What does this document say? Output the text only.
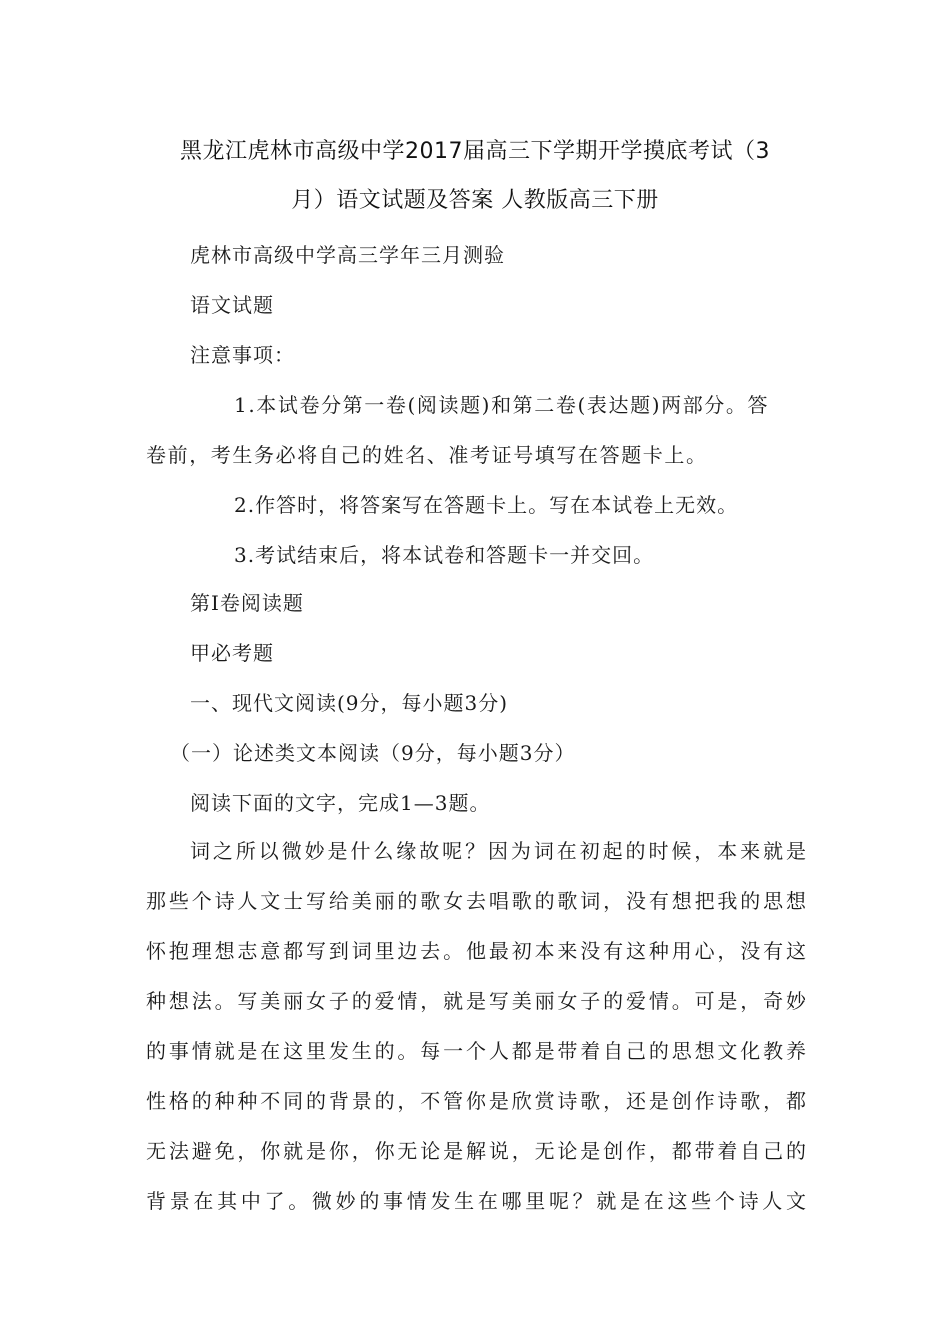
黑龙江虎林市高级中学2017届高三下学期开学摸底考试（3
月）语文试题及答案 人教版高三下册
虎林市高级中学高三学年三月测验
语文试题
注意事项：
1.本试卷分第一卷(阅读题)和第二卷(表达题)两部分。答
卷前，考生务必将自己的姓名、准考证号填写在答题卡上。
2.作答时，将答案写在答题卡上。写在本试卷上无效。
3.考试结束后，将本试卷和答题卡一并交回。
第Ⅰ卷阅读题
甲必考题
一、现代文阅读(9分，每小题3分)
（一）论述类文本阅读（9分，每小题3分）
阅读下面的文字，完成1—3题。
词之所以微妙是什么缘故呢？因为词在初起的时候，本来就是
那些个诗人文士写给美丽的歌女去唱歌的歌词，没有想把我的思想
怀抱理想志意都写到词里边去。他最初本来没有这种用心，没有这
种想法。写美丽女子的爱情，就是写美丽女子的爱情。可是，奇妙
的事情就是在这里发生的。每一个人都是带着自己的思想文化教养
性格的种种不同的背景的，不管你是欣赏诗歌，还是创作诗歌，都
无法避免，你就是你，你无论是解说，无论是创作，都带着自己的
背景在其中了。微妙的事情发生在哪里呢？就是在这些个诗人文
